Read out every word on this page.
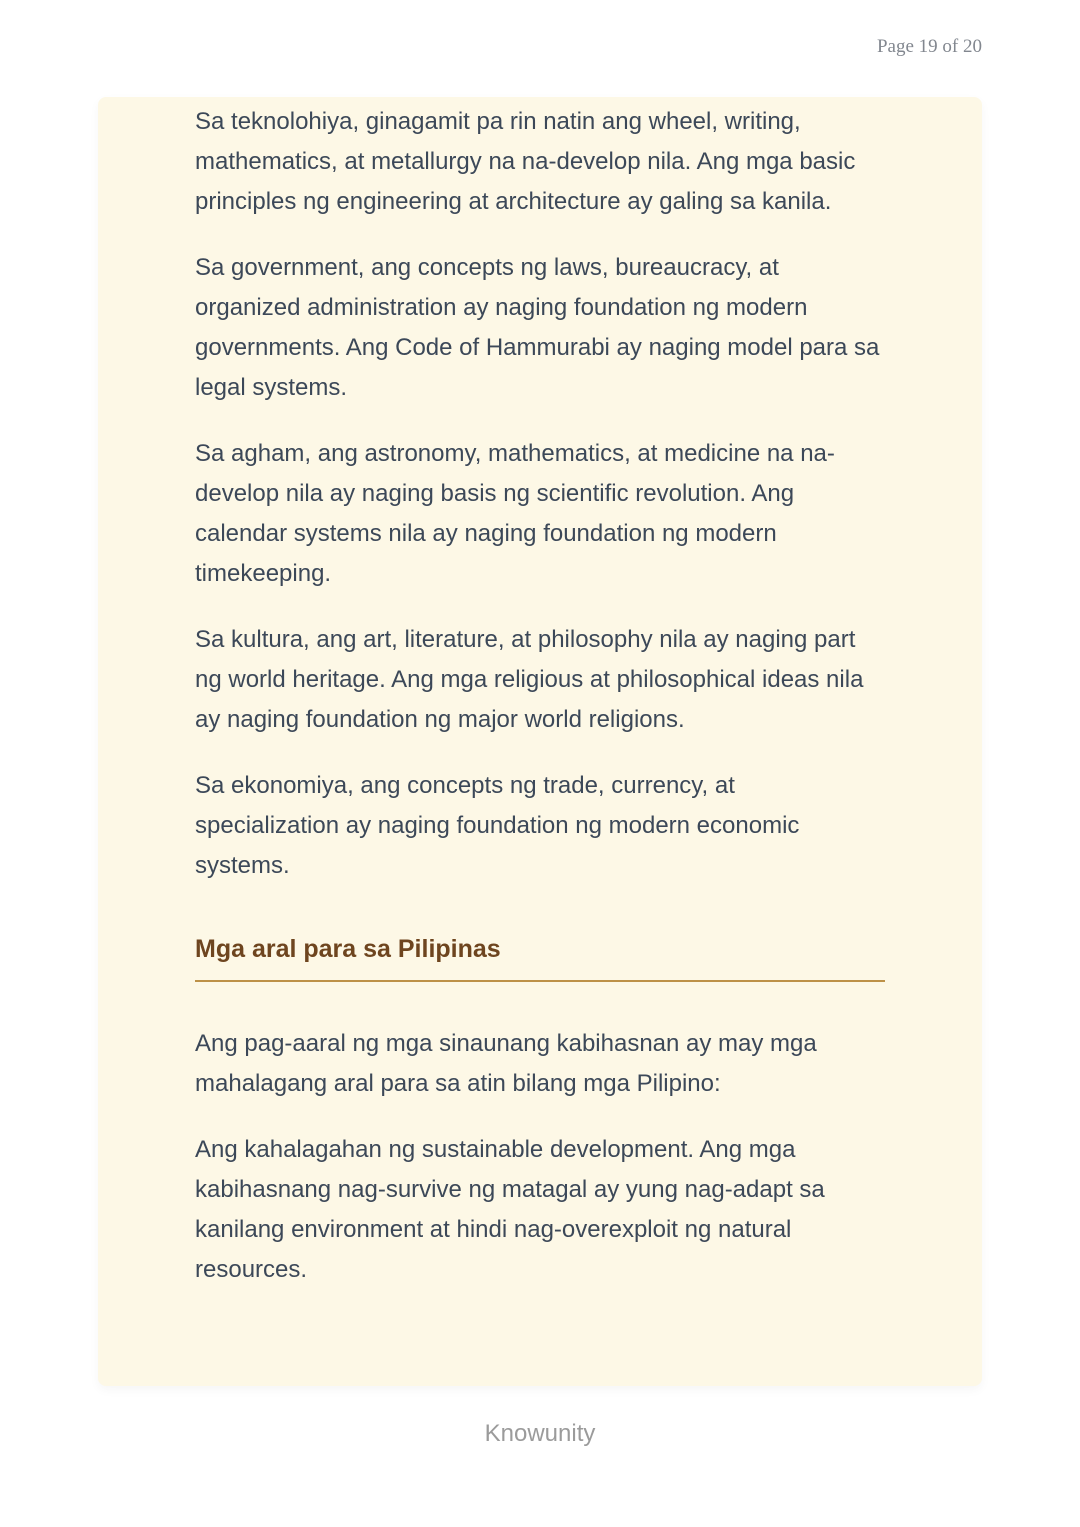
Page 19 of 20

Sa teknolohiya, ginagamit pa rin natin ang wheel, writing, mathematics, at metallurgy na na-develop nila. Ang mga basic principles ng engineering at architecture ay galing sa kanila.

Sa government, ang concepts ng laws, bureaucracy, at organized administration ay naging foundation ng modern governments. Ang Code of Hammurabi ay naging model para sa legal systems.

Sa agham, ang astronomy, mathematics, at medicine na na-develop nila ay naging basis ng scientific revolution. Ang calendar systems nila ay naging foundation ng modern timekeeping.

Sa kultura, ang art, literature, at philosophy nila ay naging part ng world heritage. Ang mga religious at philosophical ideas nila ay naging foundation ng major world religions.

Sa ekonomiya, ang concepts ng trade, currency, at specialization ay naging foundation ng modern economic systems.

Mga aral para sa Pilipinas

Ang pag-aaral ng mga sinaunang kabihasnan ay may mga mahalagang aral para sa atin bilang mga Pilipino:

Ang kahalagahan ng sustainable development. Ang mga kabihasnang nag-survive ng matagal ay yung nag-adapt sa kanilang environment at hindi nag-overexploit ng natural resources.

Knowunity
